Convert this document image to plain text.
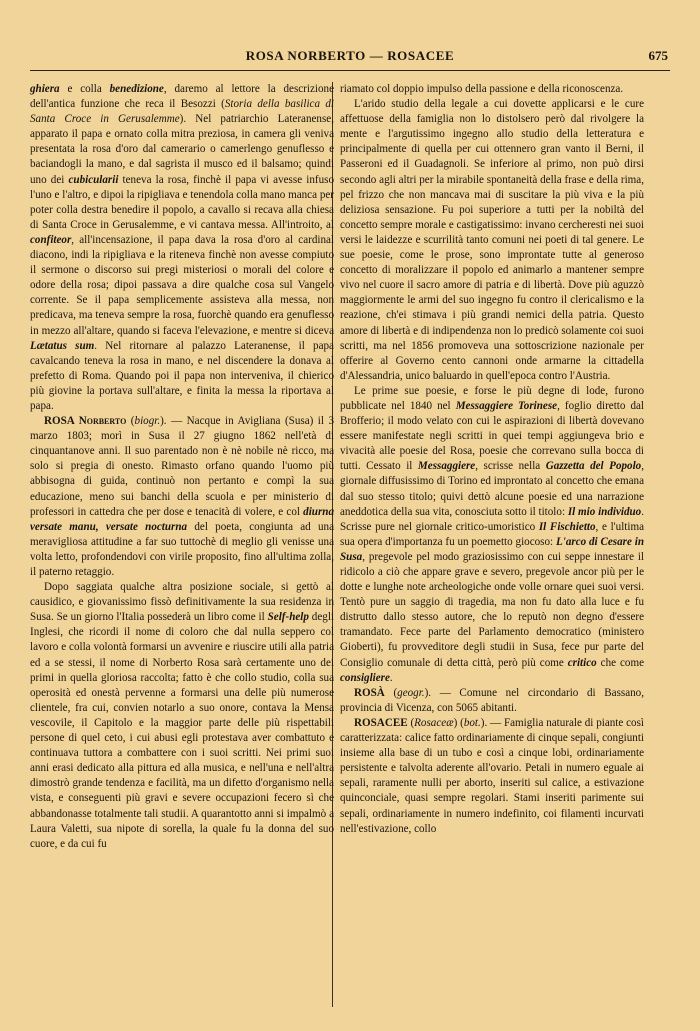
ROSA NORBERTO — ROSACEE	675

ghiera e colla benedizione, daremo al lettore la descrizione dell'antica funzione che reca il Besozzi (Storia della basilica di Santa Croce in Gerusalemme). Nel patriarchio Lateranense, apparato il papa e ornato colla mitra preziosa, in camera gli veniva presentata la rosa d'oro dal camerario o camerlengo genuflesso e baciandogli la mano, e dal sagrista il musco ed il balsamo; quindi uno dei cubicularii teneva la rosa, finchè il papa vi avesse infuso l'uno e l'altro, e dipoi la ripigliava e tenendola colla mano manca per poter colla destra benedire il popolo, a cavallo si recava alla chiesa di Santa Croce in Gerusalemme, e vi cantava messa. All'introito, al confiteor, all'incensazione, il papa dava la rosa d'oro al cardinal diacono, indi la ripigliava e la riteneva finchè non avesse compiuto il sermone o discorso sui pregi misteriosi o morali del colore e odore della rosa; dipoi passava a dire qualche cosa sul Vangelo corrente. Se il papa semplicemente assisteva alla messa, non predicava, ma teneva sempre la rosa, fuorchè quando era genuflesso in mezzo all'altare, quando si faceva l'elevazione, e mentre si diceva Lætatus sum. Nel ritornare al palazzo Lateranense, il papa cavalcando teneva la rosa in mano, e nel discendere la donava al prefetto di Roma. Quando poi il papa non interveniva, il chierico più giovine la portava sull'altare, e finita la messa la riportava al papa.

ROSA Norberto (biogr.). — Nacque in Avigliana (Susa) il 3 marzo 1803; morì in Susa il 27 giugno 1862 nell'età di cinquantanove anni. Il suo parentado non è nè nobile nè ricco, ma solo si pregia di onesto. Rimasto orfano quando l'uomo più abbisogna di guida, continuò non pertanto e compì la sua educazione, meno sui banchi della scuola e per ministerio di professori in cattedra che per dose e tenacità di volere, e col diurna versate manu, versate nocturna del poeta, congiunta ad una meravigliosa attitudine a far suo tuttochè di meglio gli venisse una volta letto, profondendovi con virile proposito, fino all'ultima zolla, il paterno retaggio.

Dopo saggiata qualche altra posizione sociale, si gettò al causidico, e giovanissimo fissò definitivamente la sua residenza in Susa. Se un giorno l'Italia possederà un libro come il Self-help degli Inglesi, che ricordi il nome di coloro che dal nulla seppero col lavoro e colla volontà formarsi un avvenire e riuscire utili alla patria ed a se stessi, il nome di Norberto Rosa sarà certamente uno dei primi in quella gloriosa raccolta; fatto è che collo studio, colla sua operosità ed onestà pervenne a formarsi una delle più numerose clientele, fra cui, convien notarlo a suo onore, contava la Mensa vescovile, il Capitolo e la maggior parte delle più rispettabili persone di quel ceto, i cui abusi egli protestava aver combattuto e continuava tuttora a combattere con i suoi scritti. Nei primi suoi anni erasi dedicato alla pittura ed alla musica, e nell'una e nell'altra dimostrò grande tendenza e facilità, ma un difetto d'organismo nella vista, e conseguenti più gravi e severe occupazioni fecero sì che abbandonasse totalmente tali studii. A quarantotto anni si impalmò a Laura Valetti, sua nipote di sorella, la quale fu la donna del suo cuore, e da cui fu

riamato col doppio impulso della passione e della riconoscenza.

L'arido studio della legale a cui dovette applicarsi e le cure affettuose della famiglia non lo distolsero però dal rivolgere la mente e l'argutissimo ingegno allo studio della letteratura e principalmente di quella per cui ottennero gran vanto il Berni, il Passeroni ed il Guadagnoli. Se inferiore al primo, non può dirsi secondo agli altri per la mirabile spontaneità della frase e della rima, pel frizzo che non mancava mai di suscitare la più viva e la più deliziosa sensazione. Fu poi superiore a tutti per la nobiltà del concetto sempre morale e castigatissimo: invano cercheresti nei suoi versi le laidezze e scurrilità tanto comuni nei poeti di tal genere. Le sue poesie, come le prose, sono improntate tutte al generoso concetto di moralizzare il popolo ed animarlo a mantener sempre vivo nel cuore il sacro amore di patria e di libertà. Dove più aguzzò maggiormente le armi del suo ingegno fu contro il clericalismo e la reazione, ch'ei stimava i più grandi nemici della patria. Questo amore di libertà e di indipendenza non lo predicò solamente coi suoi scritti, ma nel 1856 promoveva una sottoscrizione nazionale per offerire al Governo cento cannoni onde armarne la cittadella d'Alessandria, unico baluardo in quell'epoca contro l'Austria.

Le prime sue poesie, e forse le più degne di lode, furono pubblicate nel 1840 nel Messaggiere Torinese, foglio diretto dal Brofferio; il modo velato con cui le aspirazioni di libertà dovevano essere manifestate negli scritti in quei tempi aggiungeva brio e vivacità alle poesie del Rosa, poesie che correvano sulla bocca di tutti. Cessato il Messaggiere, scrisse nella Gazzetta del Popolo, giornale diffusissimo di Torino ed improntato al concetto che emana dal suo stesso titolo; quivi dettò alcune poesie ed una narrazione aneddotica della sua vita, conosciuta sotto il titolo: Il mio individuo. Scrisse pure nel giornale critico-umoristico Il Fischietto, e l'ultima sua opera d'importanza fu un poemetto giocoso: L'arco di Cesare in Susa, pregevole pel modo graziosissimo con cui seppe innestare il ridicolo a ciò che appare grave e severo, pregevole ancor più per le dotte e lunghe note archeologiche onde volle ornare quei suoi versi. Tentò pure un saggio di tragedia, ma non fu dato alla luce e fu distrutto dallo stesso autore, che lo reputò non degno d'essere tramandato. Fece parte del Parlamento democratico (ministero Gioberti), fu provveditore degli studii in Susa, fece pur parte del Consiglio comunale di detta città, però più come critico che come consigliere.

ROSÀ (geogr.). — Comune nel circondario di Bassano, provincia di Vicenza, con 5065 abitanti.

ROSACEE (Rosaceæ) (bot.). — Famiglia naturale di piante così caratterizzata: calice fatto ordinariamente di cinque sepali, congiunti insieme alla base di un tubo e così a cinque lobi, ordinariamente persistente e talvolta aderente all'ovario. Petali in numero eguale ai sepali, raramente nulli per aborto, inseriti sul calice, a estivazione quinconciale, quasi sempre regolari. Stami inseriti parimente sui sepali, ordinariamente in numero indefinito, coi filamenti incurvati nell'estivazione, collo
